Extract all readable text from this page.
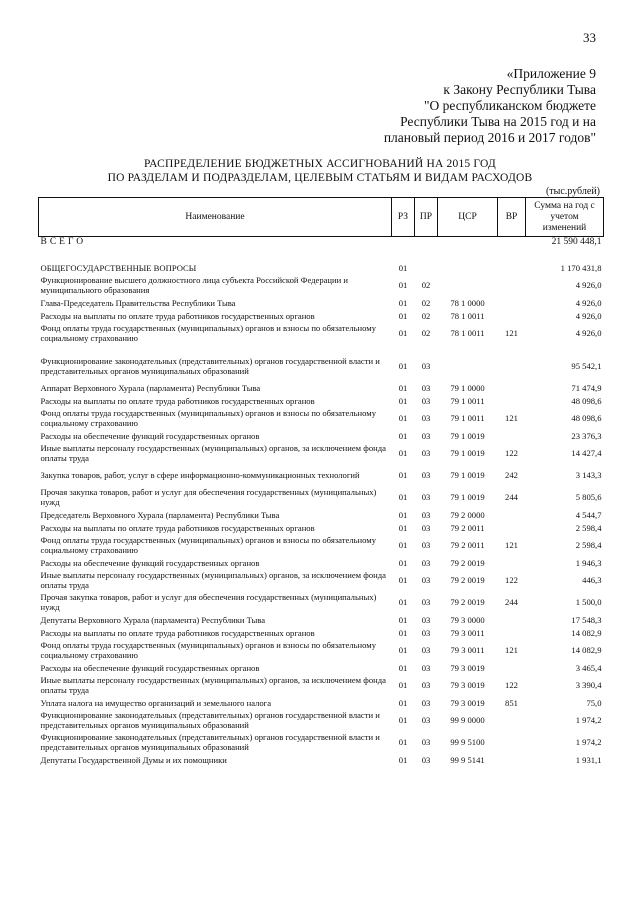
33
«Приложение 9
к Закону Республики Тыва
"О республиканском бюджете
Республики Тыва на 2015 год и на
плановый период 2016 и 2017 годов"
РАСПРЕДЕЛЕНИЕ БЮДЖЕТНЫХ АССИГНОВАНИЙ НА 2015 ГОД
ПО РАЗДЕЛАМ И ПОДРАЗДЕЛАМ, ЦЕЛЕВЫМ СТАТЬЯМ И ВИДАМ РАСХОДОВ
(тыс.рублей)
Наименование	РЗ	ПР	ЦСР	ВР	Сумма на год с учетом изменений
ВСЕГО					21 590 448,1

ОБЩЕГОСУДАРСТВЕННЫЕ ВОПРОСЫ	01				1 170 431,8
Функционирование высшего должностного лица субъекта Российской Федерации и муниципального образования	01	02			4 926,0
Глава-Председатель Правительства Республики Тыва	01	02	78 1 0000		4 926,0
Расходы на выплаты по оплате труда работников государственных органов	01	02	78 1 0011		4 926,0
Фонд оплаты труда государственных (муниципальных) органов и взносы по обязательному социальному страхованию	01	02	78 1 0011	121	4 926,0

Функционирование законодательных (представительных) органов государственной власти и представительных органов муниципальных образований	01	03			95 542,1
Аппарат Верховного Хурала (парламента) Республики Тыва	01	03	79 1 0000		71 474,9
Расходы на выплаты по оплате труда работников государственных органов	01	03	79 1 0011		48 098,6
Фонд оплаты труда государственных (муниципальных) органов и взносы по обязательному социальному страхованию	01	03	79 1 0011	121	48 098,6
Расходы на обеспечение функций государственных органов	01	03	79 1 0019		23 376,3
Иные выплаты персоналу государственных (муниципальных) органов, за исключением фонда оплаты труда	01	03	79 1 0019	122	14 427,4
Закупка товаров, работ, услуг в сфере информационно-коммуникационных технологий	01	03	79 1 0019	242	3 143,3
Прочая закупка товаров, работ и услуг для обеспечения государственных (муниципальных) нужд	01	03	79 1 0019	244	5 805,6
Председатель Верховного Хурала (парламента) Республики Тыва	01	03	79 2 0000		4 544,7
Расходы на выплаты по оплате труда работников государственных органов	01	03	79 2 0011		2 598,4
Фонд оплаты труда государственных (муниципальных) органов и взносы по обязательному социальному страхованию	01	03	79 2 0011	121	2 598,4
Расходы на обеспечение функций государственных органов	01	03	79 2 0019		1 946,3
Иные выплаты персоналу государственных (муниципальных) органов, за исключением фонда оплаты труда	01	03	79 2 0019	122	446,3
Прочая закупка товаров, работ и услуг для обеспечения государственных (муниципальных) нужд	01	03	79 2 0019	244	1 500,0
Депутаты Верховного Хурала (парламента) Республики Тыва	01	03	79 3 0000		17 548,3
Расходы на выплаты по оплате труда работников государственных органов	01	03	79 3 0011		14 082,9
Фонд оплаты труда государственных (муниципальных) органов и взносы по обязательному социальному страхованию	01	03	79 3 0011	121	14 082,9
Расходы на обеспечение функций государственных органов	01	03	79 3 0019		3 465,4
Иные выплаты персоналу государственных (муниципальных) органов, за исключением фонда оплаты труда	01	03	79 3 0019	122	3 390,4
Уплата налога на имущество организаций и земельного налога	01	03	79 3 0019	851	75,0
Функционирование законодательных (представительных) органов государственной власти и представительных органов муниципальных образований	01	03	99 9 0000		1 974,2
Функционирование законодательных (представительных) органов государственной власти и представительных органов муниципальных образований	01	03	99 9 5100		1 974,2
Депутаты Государственной Думы и их помощники	01	03	99 9 5141		1 931,1
